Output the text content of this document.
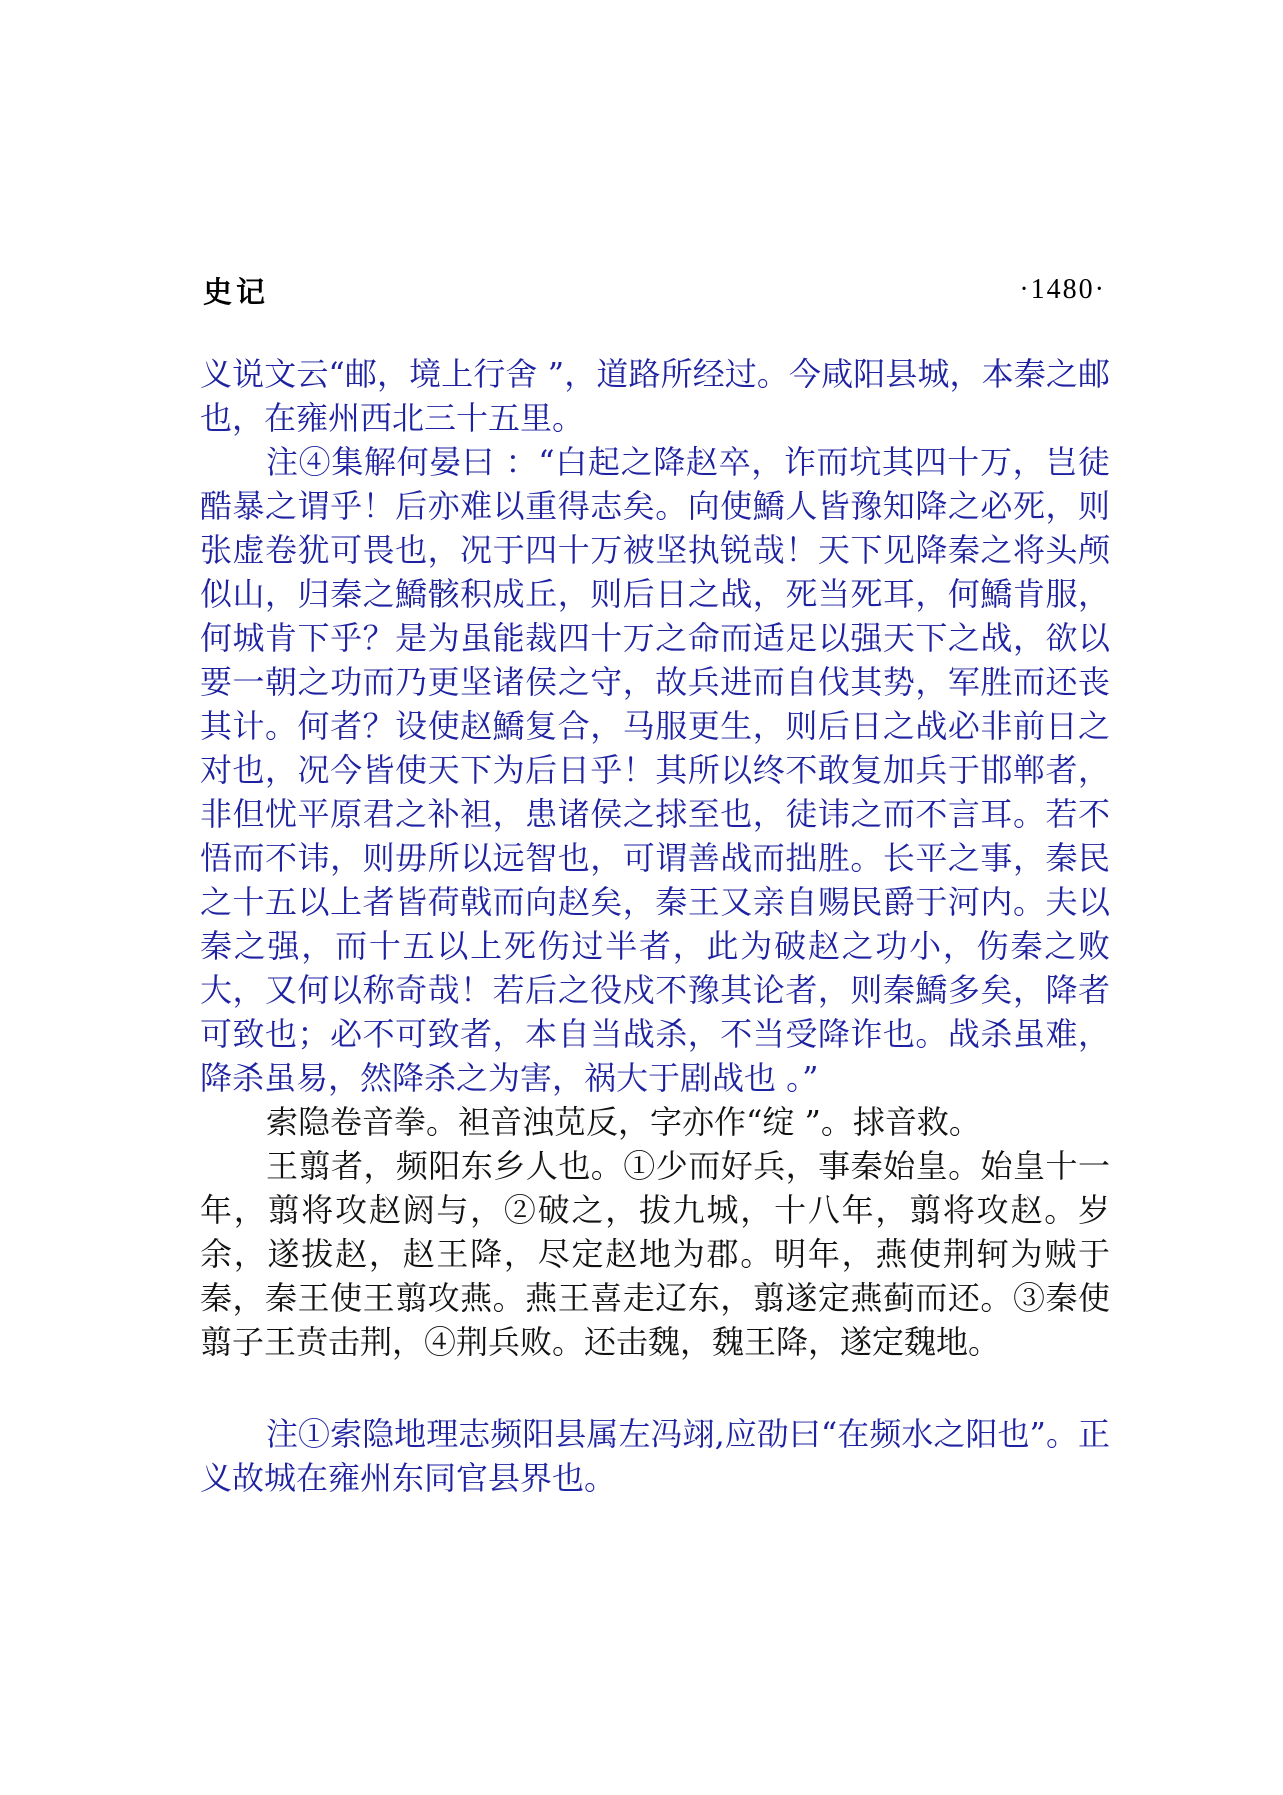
史记	·1480·

义说文云“邮，境上行舍 ”，道路所经过。今咸阳县城，本秦之邮也，在雍州西北三十五里。

注④集解何晏曰 ：“白起之降赵卒，诈而坑其四十万，岂徒酷暴之谓乎！后亦难以重得志矣。向使鱎人皆豫知降之必死，则张虚卷犹可畏也，况于四十万被坚执锐哉！天下见降秦之将头颅似山，归秦之鱎骸积成丘，则后日之战，死当死耳，何鱎肯服，何城肯下乎？是为虽能裁四十万之命而适足以强天下之战，欲以要一朝之功而乃更坚诸侯之守，故兵进而自伐其势，军胜而还丧其计。何者？设使赵鱎复合，马服更生，则后日之战必非前日之对也，况今皆使天下为后日乎！其所以终不敢复加兵于邯郸者，非但忧平原君之补袒，患诸侯之捄至也，徒讳之而不言耳。若不悟而不讳，则毋所以远智也，可谓善战而拙胜。长平之事，秦民之十五以上者皆荷戟而向赵矣，秦王又亲自赐民爵于河内。夫以秦之强，而十五以上死伤过半者，此为破赵之功小，伤秦之败大，又何以称奇哉！若后之役戍不豫其论者，则秦鱎多矣，降者可致也；必不可致者，本自当战杀，不当受降诈也。战杀虽难，降杀虽易，然降杀之为害，祸大于剧战也 。”

索隐卷音拳。袒音浊苋反，字亦作“绽 ”。捄音救。

王翦者，频阳东乡人也。①少而好兵，事秦始皇。始皇十一年，翦将攻赵阏与，②破之，拔九城，十八年，翦将攻赵。岁余，遂拔赵，赵王降，尽定赵地为郡。明年，燕使荆轲为贼于秦，秦王使王翦攻燕。燕王喜走辽东，翦遂定燕蓟而还。③秦使翦子王贲击荆，④荆兵败。还击魏，魏王降，遂定魏地。

注①索隐地理志频阳县属左冯翊,应劭曰“在频水之阳也”。正义故城在雍州东同官县界也。
